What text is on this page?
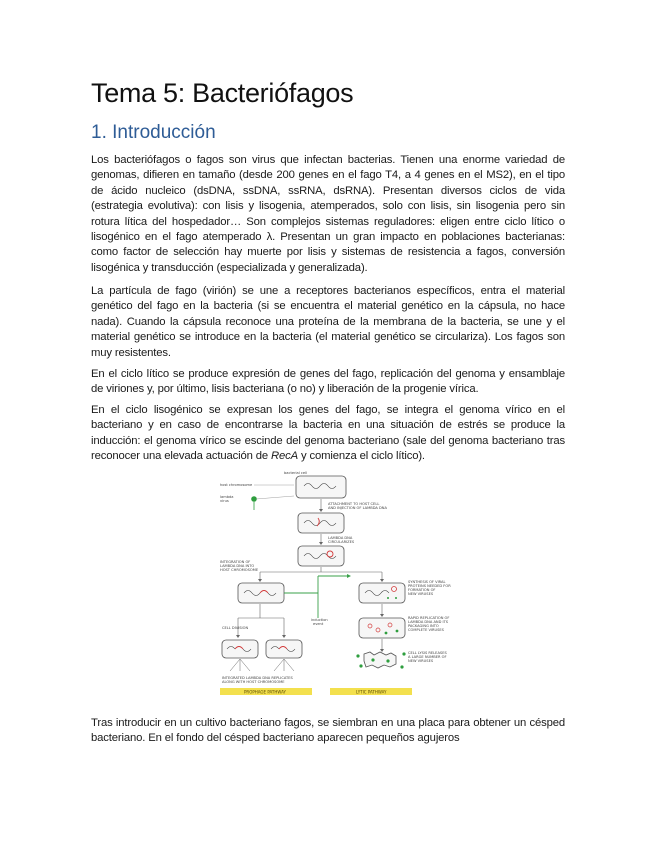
Tema 5: Bacteriófagos
1. Introducción

Los bacteriófagos o fagos son virus que infectan bacterias. Tienen una enorme variedad de genomas, difieren en tamaño (desde 200 genes en el fago T4, a 4 genes en el MS2), en el tipo de ácido nucleico (dsDNA, ssDNA, ssRNA, dsRNA). Presentan diversos ciclos de vida (estrategia evolutiva): con lisis y lisogenia, atemperados, solo con lisis, sin lisogenia pero sin rotura lítica del hospedador… Son complejos sistemas reguladores: eligen entre ciclo lítico o lisogénico en el fago atemperado λ. Presentan un gran impacto en poblaciones bacterianas: como factor de selección hay muerte por lisis y sistemas de resistencia a fagos, conversión lisogénica y transducción (especializada y generalizada).

La partícula de fago (virión) se une a receptores bacterianos específicos, entra el material genético del fago en la bacteria (si se encuentra el material genético en la cápsula, no hace nada). Cuando la cápsula reconoce una proteína de la membrana de la bacteria, se une y el material genético se introduce en la bacteria (el material genético se circulariza). Los fagos son muy resistentes.

En el ciclo lítico se produce expresión de genes del fago, replicación del genoma y ensamblaje de viriones y, por último, lisis bacteriana (o no) y liberación de la progenie vírica.

En el ciclo lisogénico se expresan los genes del fago, se integra el genoma vírico en el bacteriano y en caso de encontrarse la bacteria en una situación de estrés se produce la inducción: el genoma vírico se escinde del genoma bacteriano (sale del genoma bacteriano tras reconocer una elevada actuación de RecA y comienza el ciclo lítico).

bacterial cell
host chromosome
lambda virus
ATTACHMENT TO HOST CELL AND INJECTION OF LAMBDA DNA
LAMBDA DNA CIRCULARIZES
INTEGRATION OF LAMBDA DNA INTO HOST CHROMOSOME
SYNTHESIS OF VIRAL PROTEINS NEEDED FOR FORMATION OF NEW VIRUSES
induction event
CELL DIVISION
RAPID REPLICATION OF LAMBDA DNA AND ITS PACKAGING INTO COMPLETE VIRUSES
INTEGRATED LAMBDA DNA REPLICATES ALONG WITH HOST CHROMOSOME
CELL LYSIS RELEASES A LARGE NUMBER OF NEW VIRUSES
PROPHAGE PATHWAY	LYTIC PATHWAY

Tras introducir en un cultivo bacteriano fagos, se siembran en una placa para obtener un césped bacteriano. En el fondo del césped bacteriano aparecen pequeños agujeros
